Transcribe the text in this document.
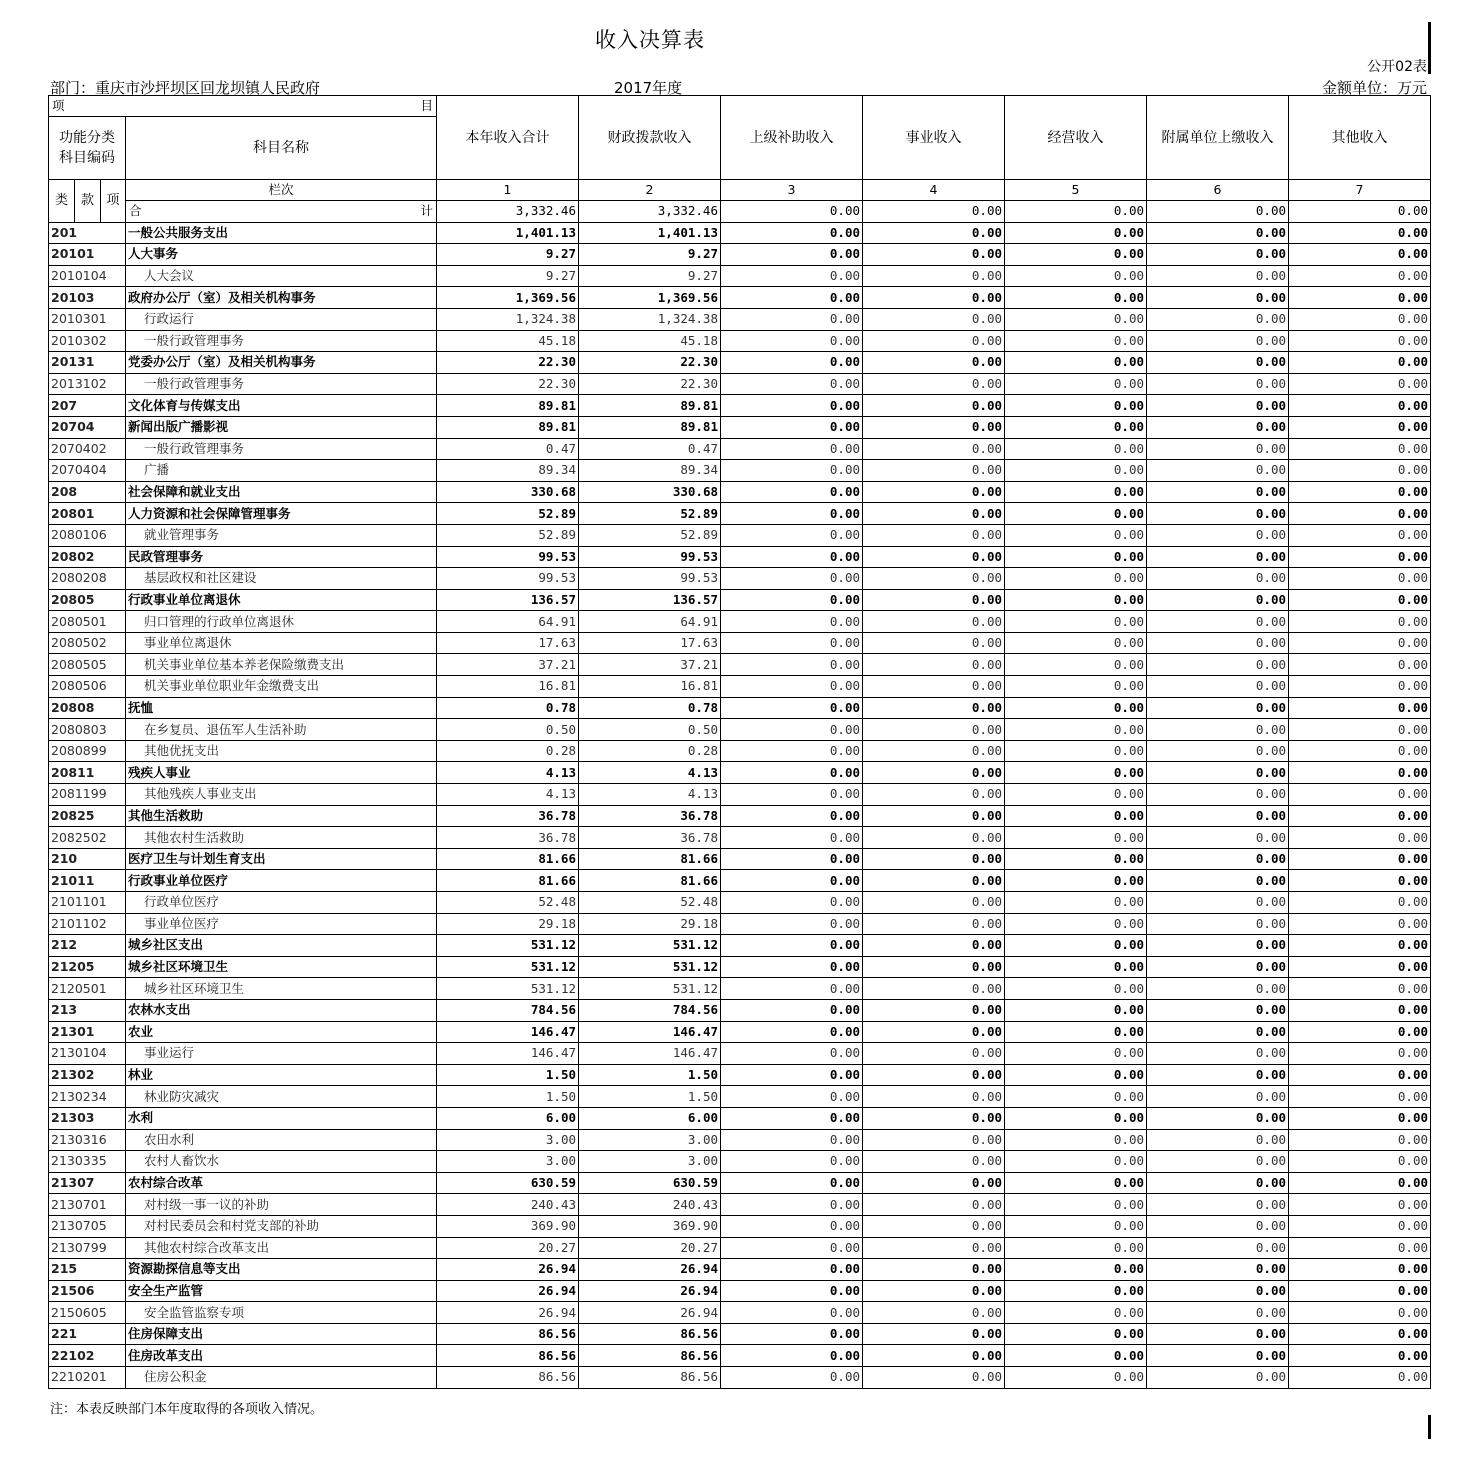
收入决算表
公开02表
部门：重庆市沙坪坝区回龙坝镇人民政府	2017年度	金额单位：万元
项 目				本年收入合计	财政拨款收入	上级补助收入	事业收入	经营收入	附属单位上缴收入	其他收入

功能分类
科目编码			科目名称							
类	款	项	栏次	1	2	3	4	5	6	7

			合 计	3,332.46	3,332.46	0.00	0.00	0.00	0.00	0.00
201			一般公共服务支出	1,401.13	1,401.13	0.00	0.00	0.00	0.00	0.00
20101			人大事务	9.27	9.27	0.00	0.00	0.00	0.00	0.00
2010104			人大会议	9.27	9.27	0.00	0.00	0.00	0.00	0.00
20103			政府办公厅（室）及相关机构事务	1,369.56	1,369.56	0.00	0.00	0.00	0.00	0.00
2010301			行政运行	1,324.38	1,324.38	0.00	0.00	0.00	0.00	0.00
2010302			一般行政管理事务	45.18	45.18	0.00	0.00	0.00	0.00	0.00
20131			党委办公厅（室）及相关机构事务	22.30	22.30	0.00	0.00	0.00	0.00	0.00
2013102			一般行政管理事务	22.30	22.30	0.00	0.00	0.00	0.00	0.00
207			文化体育与传媒支出	89.81	89.81	0.00	0.00	0.00	0.00	0.00
20704			新闻出版广播影视	89.81	89.81	0.00	0.00	0.00	0.00	0.00
2070402			一般行政管理事务	0.47	0.47	0.00	0.00	0.00	0.00	0.00
2070404			广播	89.34	89.34	0.00	0.00	0.00	0.00	0.00
208			社会保障和就业支出	330.68	330.68	0.00	0.00	0.00	0.00	0.00
20801			人力资源和社会保障管理事务	52.89	52.89	0.00	0.00	0.00	0.00	0.00
2080106			就业管理事务	52.89	52.89	0.00	0.00	0.00	0.00	0.00
20802			民政管理事务	99.53	99.53	0.00	0.00	0.00	0.00	0.00
2080208			基层政权和社区建设	99.53	99.53	0.00	0.00	0.00	0.00	0.00
20805			行政事业单位离退休	136.57	136.57	0.00	0.00	0.00	0.00	0.00
2080501			归口管理的行政单位离退休	64.91	64.91	0.00	0.00	0.00	0.00	0.00
2080502			事业单位离退休	17.63	17.63	0.00	0.00	0.00	0.00	0.00
2080505			机关事业单位基本养老保险缴费支出	37.21	37.21	0.00	0.00	0.00	0.00	0.00
2080506			机关事业单位职业年金缴费支出	16.81	16.81	0.00	0.00	0.00	0.00	0.00
20808			抚恤	0.78	0.78	0.00	0.00	0.00	0.00	0.00
2080803			在乡复员、退伍军人生活补助	0.50	0.50	0.00	0.00	0.00	0.00	0.00
2080899			其他优抚支出	0.28	0.28	0.00	0.00	0.00	0.00	0.00
20811			残疾人事业	4.13	4.13	0.00	0.00	0.00	0.00	0.00
2081199			其他残疾人事业支出	4.13	4.13	0.00	0.00	0.00	0.00	0.00
20825			其他生活救助	36.78	36.78	0.00	0.00	0.00	0.00	0.00
2082502			其他农村生活救助	36.78	36.78	0.00	0.00	0.00	0.00	0.00
210			医疗卫生与计划生育支出	81.66	81.66	0.00	0.00	0.00	0.00	0.00
21011			行政事业单位医疗	81.66	81.66	0.00	0.00	0.00	0.00	0.00
2101101			行政单位医疗	52.48	52.48	0.00	0.00	0.00	0.00	0.00
2101102			事业单位医疗	29.18	29.18	0.00	0.00	0.00	0.00	0.00
212			城乡社区支出	531.12	531.12	0.00	0.00	0.00	0.00	0.00
21205			城乡社区环境卫生	531.12	531.12	0.00	0.00	0.00	0.00	0.00
2120501			城乡社区环境卫生	531.12	531.12	0.00	0.00	0.00	0.00	0.00
213			农林水支出	784.56	784.56	0.00	0.00	0.00	0.00	0.00
21301			农业	146.47	146.47	0.00	0.00	0.00	0.00	0.00
2130104			事业运行	146.47	146.47	0.00	0.00	0.00	0.00	0.00
21302			林业	1.50	1.50	0.00	0.00	0.00	0.00	0.00
2130234			林业防灾减灾	1.50	1.50	0.00	0.00	0.00	0.00	0.00
21303			水利	6.00	6.00	0.00	0.00	0.00	0.00	0.00
2130316			农田水利	3.00	3.00	0.00	0.00	0.00	0.00	0.00
2130335			农村人畜饮水	3.00	3.00	0.00	0.00	0.00	0.00	0.00
21307			农村综合改革	630.59	630.59	0.00	0.00	0.00	0.00	0.00
2130701			对村级一事一议的补助	240.43	240.43	0.00	0.00	0.00	0.00	0.00
2130705			对村民委员会和村党支部的补助	369.90	369.90	0.00	0.00	0.00	0.00	0.00
2130799			其他农村综合改革支出	20.27	20.27	0.00	0.00	0.00	0.00	0.00
215			资源勘探信息等支出	26.94	26.94	0.00	0.00	0.00	0.00	0.00
21506			安全生产监管	26.94	26.94	0.00	0.00	0.00	0.00	0.00
2150605			安全监管监察专项	26.94	26.94	0.00	0.00	0.00	0.00	0.00
221			住房保障支出	86.56	86.56	0.00	0.00	0.00	0.00	0.00
22102			住房改革支出	86.56	86.56	0.00	0.00	0.00	0.00	0.00
2210201			住房公积金	86.56	86.56	0.00	0.00	0.00	0.00	0.00
注：本表反映部门本年度取得的各项收入情况。
